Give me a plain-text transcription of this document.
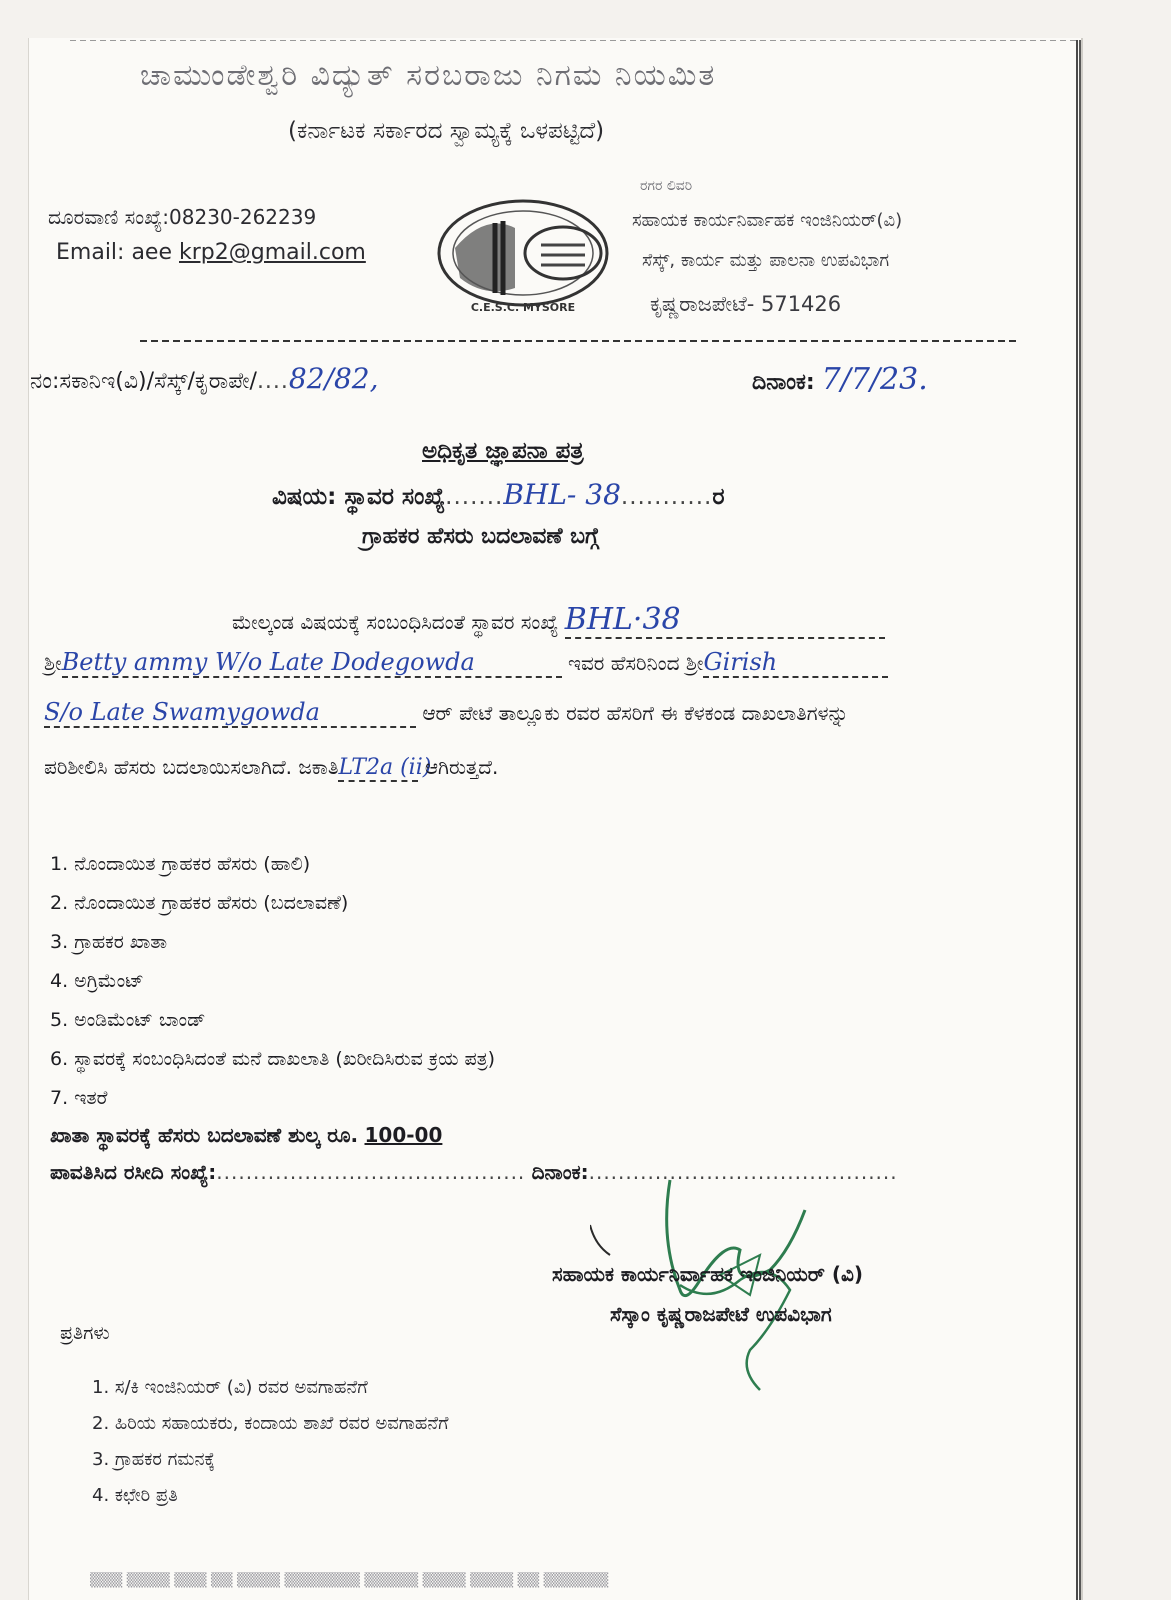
ಚಾಮುಂಡೇಶ್ವರಿ ವಿದ್ಯುತ್ ಸರಬರಾಜು ನಿಗಮ ನಿಯಮಿತ
(ಕರ್ನಾಟಕ ಸರ್ಕಾರದ ಸ್ವಾಮ್ಯಕ್ಕೆ ಒಳಪಟ್ಟಿದೆ)
ದೂರವಾಣಿ ಸಂಖ್ಯೆ:08230-262239
Email: aee krp2@gmail.com
C.E.S.C. MYSORE
ರಗರ ಲಿವರಿ
ಸಹಾಯಕ ಕಾರ್ಯನಿರ್ವಾಹಕ ಇಂಜಿನಿಯರ್(ವಿ)
ಸೆಸ್ಕ್, ಕಾರ್ಯ ಮತ್ತು ಪಾಲನಾ ಉಪವಿಭಾಗ
ಕೃಷ್ಣರಾಜಪೇಟೆ- 571426
ನಂ:ಸಕಾನಿಇ(ವಿ)/ಸೆಸ್ಕ್/ಕೃರಾಪೇ/....82/82,	ದಿನಾಂಕ: 7/7/23.
ಅಧಿಕೃತ ಜ್ಞಾಪನಾ ಪತ್ರ
ವಿಷಯ: ಸ್ಥಾವರ ಸಂಖ್ಯೆ.......BHL- 38...........ರ
ಗ್ರಾಹಕರ ಹೆಸರು ಬದಲಾವಣೆ ಬಗ್ಗೆ
ಮೇಲ್ಕಂಡ ವಿಷಯಕ್ಕೆ ಸಂಬಂಧಿಸಿದಂತೆ ಸ್ಥಾವರ ಸಂಖ್ಯೆ BHL·38
ಶ್ರೀBetty ammy W/o Late Dodegowda	ಇವರ ಹೆಸರಿನಿಂದ ಶ್ರೀGirish
S/o Late Swamygowda	ಆರ್ ಪೇಟೆ ತಾಲ್ಲೂಕು ರವರ ಹೆಸರಿಗೆ ಈ ಕೆಳಕಂಡ ದಾಖಲಾತಿಗಳನ್ನು
ಪರಿಶೀಲಿಸಿ ಹೆಸರು ಬದಲಾಯಿಸಲಾಗಿದೆ. ಜಕಾತಿLT2a (ii) ಆಗಿರುತ್ತದೆ.
1. ನೊಂದಾಯಿತ ಗ್ರಾಹಕರ ಹೆಸರು (ಹಾಲಿ)
2. ನೊಂದಾಯಿತ ಗ್ರಾಹಕರ ಹೆಸರು (ಬದಲಾವಣೆ)
3. ಗ್ರಾಹಕರ ಖಾತಾ
4. ಅಗ್ರಿಮೆಂಟ್
5. ಅಂಡಿಮೆಂಟ್ ಬಾಂಡ್
6. ಸ್ಥಾವರಕ್ಕೆ ಸಂಬಂಧಿಸಿದಂತೆ ಮನೆ ದಾಖಲಾತಿ (ಖರೀದಿಸಿರುವ ಕ್ರಯ ಪತ್ರ)
7. ಇತರೆ
ಖಾತಾ ಸ್ಥಾವರಕ್ಕೆ ಹೆಸರು ಬದಲಾವಣೆ ಶುಲ್ಕ ರೂ. 100-00
ಪಾವತಿಸಿದ ರಸೀದಿ ಸಂಖ್ಯೆ:.......................................... ದಿನಾಂಕ:..........................................
ಸಹಾಯಕ ಕಾರ್ಯನಿರ್ವಾಹಕ ಇಂಜಿನಿಯರ್ (ವಿ)
ಸೆಸ್ಕಾಂ ಕೃಷ್ಣರಾಜಪೇಟೆ ಉಪವಿಭಾಗ
ಪ್ರತಿಗಳು
1. ಸ/ಕಿ ಇಂಜಿನಿಯರ್ (ವಿ) ರವರ ಅವಗಾಹನೆಗೆ
2. ಹಿರಿಯ ಸಹಾಯಕರು, ಕಂದಾಯ ಶಾಖೆ ರವರ ಅವಗಾಹನೆಗೆ
3. ಗ್ರಾಹಕರ ಗಮನಕ್ಕೆ
4. ಕಛೇರಿ ಪ್ರತಿ
▒▒▒ ▒▒▒▒ ▒▒▒ ▒▒ ▒▒▒▒ ▒▒▒▒▒▒▒ ▒▒▒▒▒ ▒▒▒▒ ▒▒▒▒ ▒▒ ▒▒▒▒▒▒
